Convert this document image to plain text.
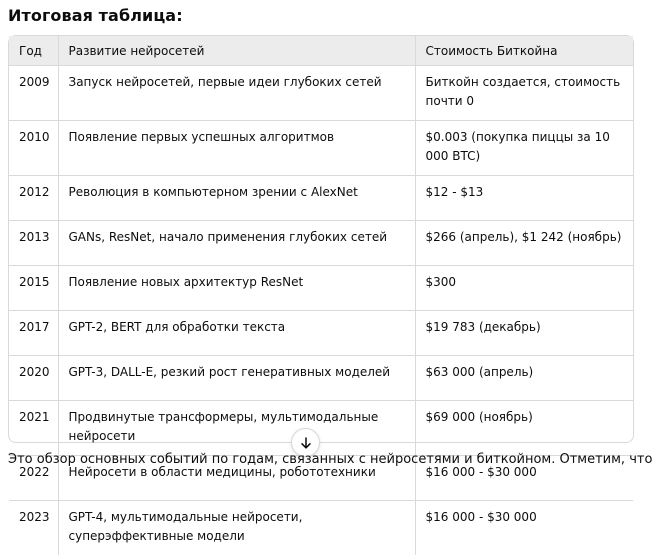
Итоговая таблица:
Год	Развитие нейросетей	Стоимость Биткойна
2009	Запуск нейросетей, первые идеи глубоких сетей	Биткойн создается, стоимость почти 0
2010	Появление первых успешных алгоритмов	$0.003 (покупка пиццы за 10 000 BTC)
2012	Революция в компьютерном зрении с AlexNet	$12 - $13
2013	GANs, ResNet, начало применения глубоких сетей	$266 (апрель), $1 242 (ноябрь)
2015	Появление новых архитектур ResNet	$300
2017	GPT-2, BERT для обработки текста	$19 783 (декабрь)
2020	GPT-3, DALL-E, резкий рост генеративных моделей	$63 000 (апрель)
2021	Продвинутые трансформеры, мультимодальные нейросети	$69 000 (ноябрь)
2022	Нейросети в области медицины, робототехники	$16 000 - $30 000
2023	GPT-4, мультимодальные нейросети, суперэффективные модели	$16 000 - $30 000
Это обзор основных событий по годам, связанных с нейросетями и биткойном. Отметим, что
